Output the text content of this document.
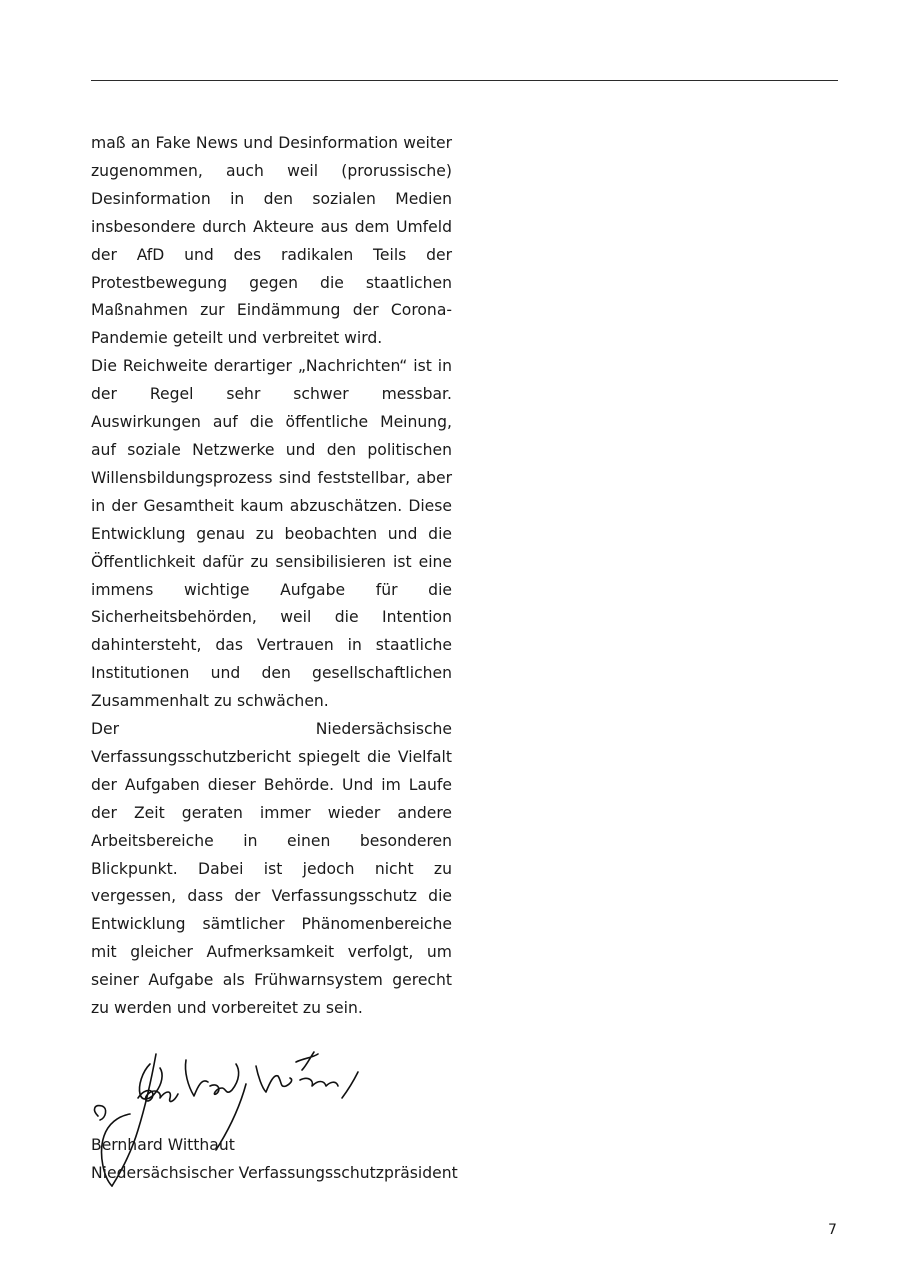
maß an Fake News und Desinformation weiter zugenommen, auch weil (prorussische) Desinformation in den sozialen Medien insbesondere durch Akteure aus dem Umfeld der AfD und des radikalen Teils der Protestbewegung gegen die staatlichen Maßnahmen zur Eindämmung der Corona-Pandemie geteilt und verbreitet wird.

Die Reichweite derartiger „Nachrichten“ ist in der Regel sehr schwer messbar. Auswirkungen auf die öffentliche Meinung, auf soziale Netzwerke und den politischen Willensbildungsprozess sind feststellbar, aber in der Gesamtheit kaum abzuschätzen. Diese Entwicklung genau zu beobachten und die Öffentlichkeit dafür zu sensibilisieren ist eine immens wichtige Aufgabe für die Sicherheitsbehörden, weil die Intention dahintersteht, das Vertrauen in staatliche Institutionen und den gesellschaftlichen Zusammenhalt zu schwächen.

Der Niedersächsische Verfassungsschutzbericht spiegelt die Vielfalt der Aufgaben dieser Behörde. Und im Laufe der Zeit geraten immer wieder andere Arbeitsbereiche in einen besonderen Blickpunkt. Dabei ist jedoch nicht zu vergessen, dass der Verfassungsschutz die Entwicklung sämtlicher Phänomenbereiche mit gleicher Aufmerksamkeit verfolgt, um seiner Aufgabe als Frühwarnsystem gerecht zu werden und vorbereitet zu sein.

Bernhard Witthaut
Niedersächsischer Verfassungsschutzpräsident
7
